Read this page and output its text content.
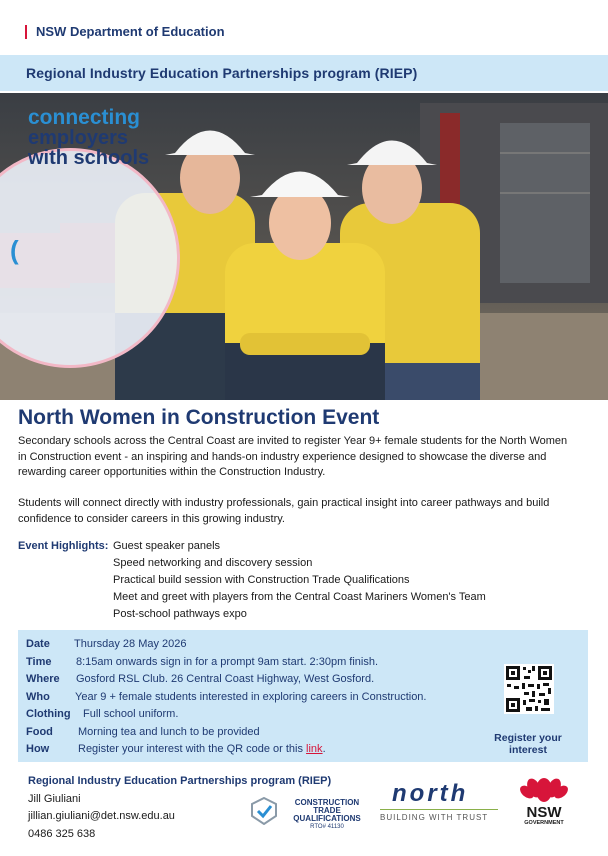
NSW Department of Education
Regional Industry Education Partnerships program (RIEP)
(
connecting
employers
with schools
North Women in Construction Event

Secondary schools across the Central Coast are invited to register Year 9+ female students for the North Women in Construction event - an inspiring and hands-on industry experience designed to showcase the diverse and rewarding career opportunities within the Construction Industry.

Students will connect directly with industry professionals, gain practical insight into career pathways and build confidence to consider careers in this growing industry.

Event Highlights: Guest speaker panels
Speed networking and discovery session
Practical build session with Construction Trade Qualifications
Meet and greet with players from the Central Coast Mariners Women's Team
Post-school pathways expo
Date Thursday 28 May 2026
Time 8:15am onwards sign in for a prompt 9am start. 2:30pm finish.
Where Gosford RSL Club. 26 Central Coast Highway, West Gosford.
Who Year 9 + female students interested in exploring careers in Construction.
Clothing Full school uniform.
Food Morning tea and lunch to be provided
How	Register your interest with the QR code or this link.
Register your
interest
Regional Industry Education Partnerships program (RIEP)
Jill Giuliani
jillian.giuliani@det.nsw.edu.au
0486 325 638
CONSTRUCTION TRADE
QUALIFICATIONS
RTO# 41130
north
BUILDING WITH TRUST	NSW
GOVERNMENT
